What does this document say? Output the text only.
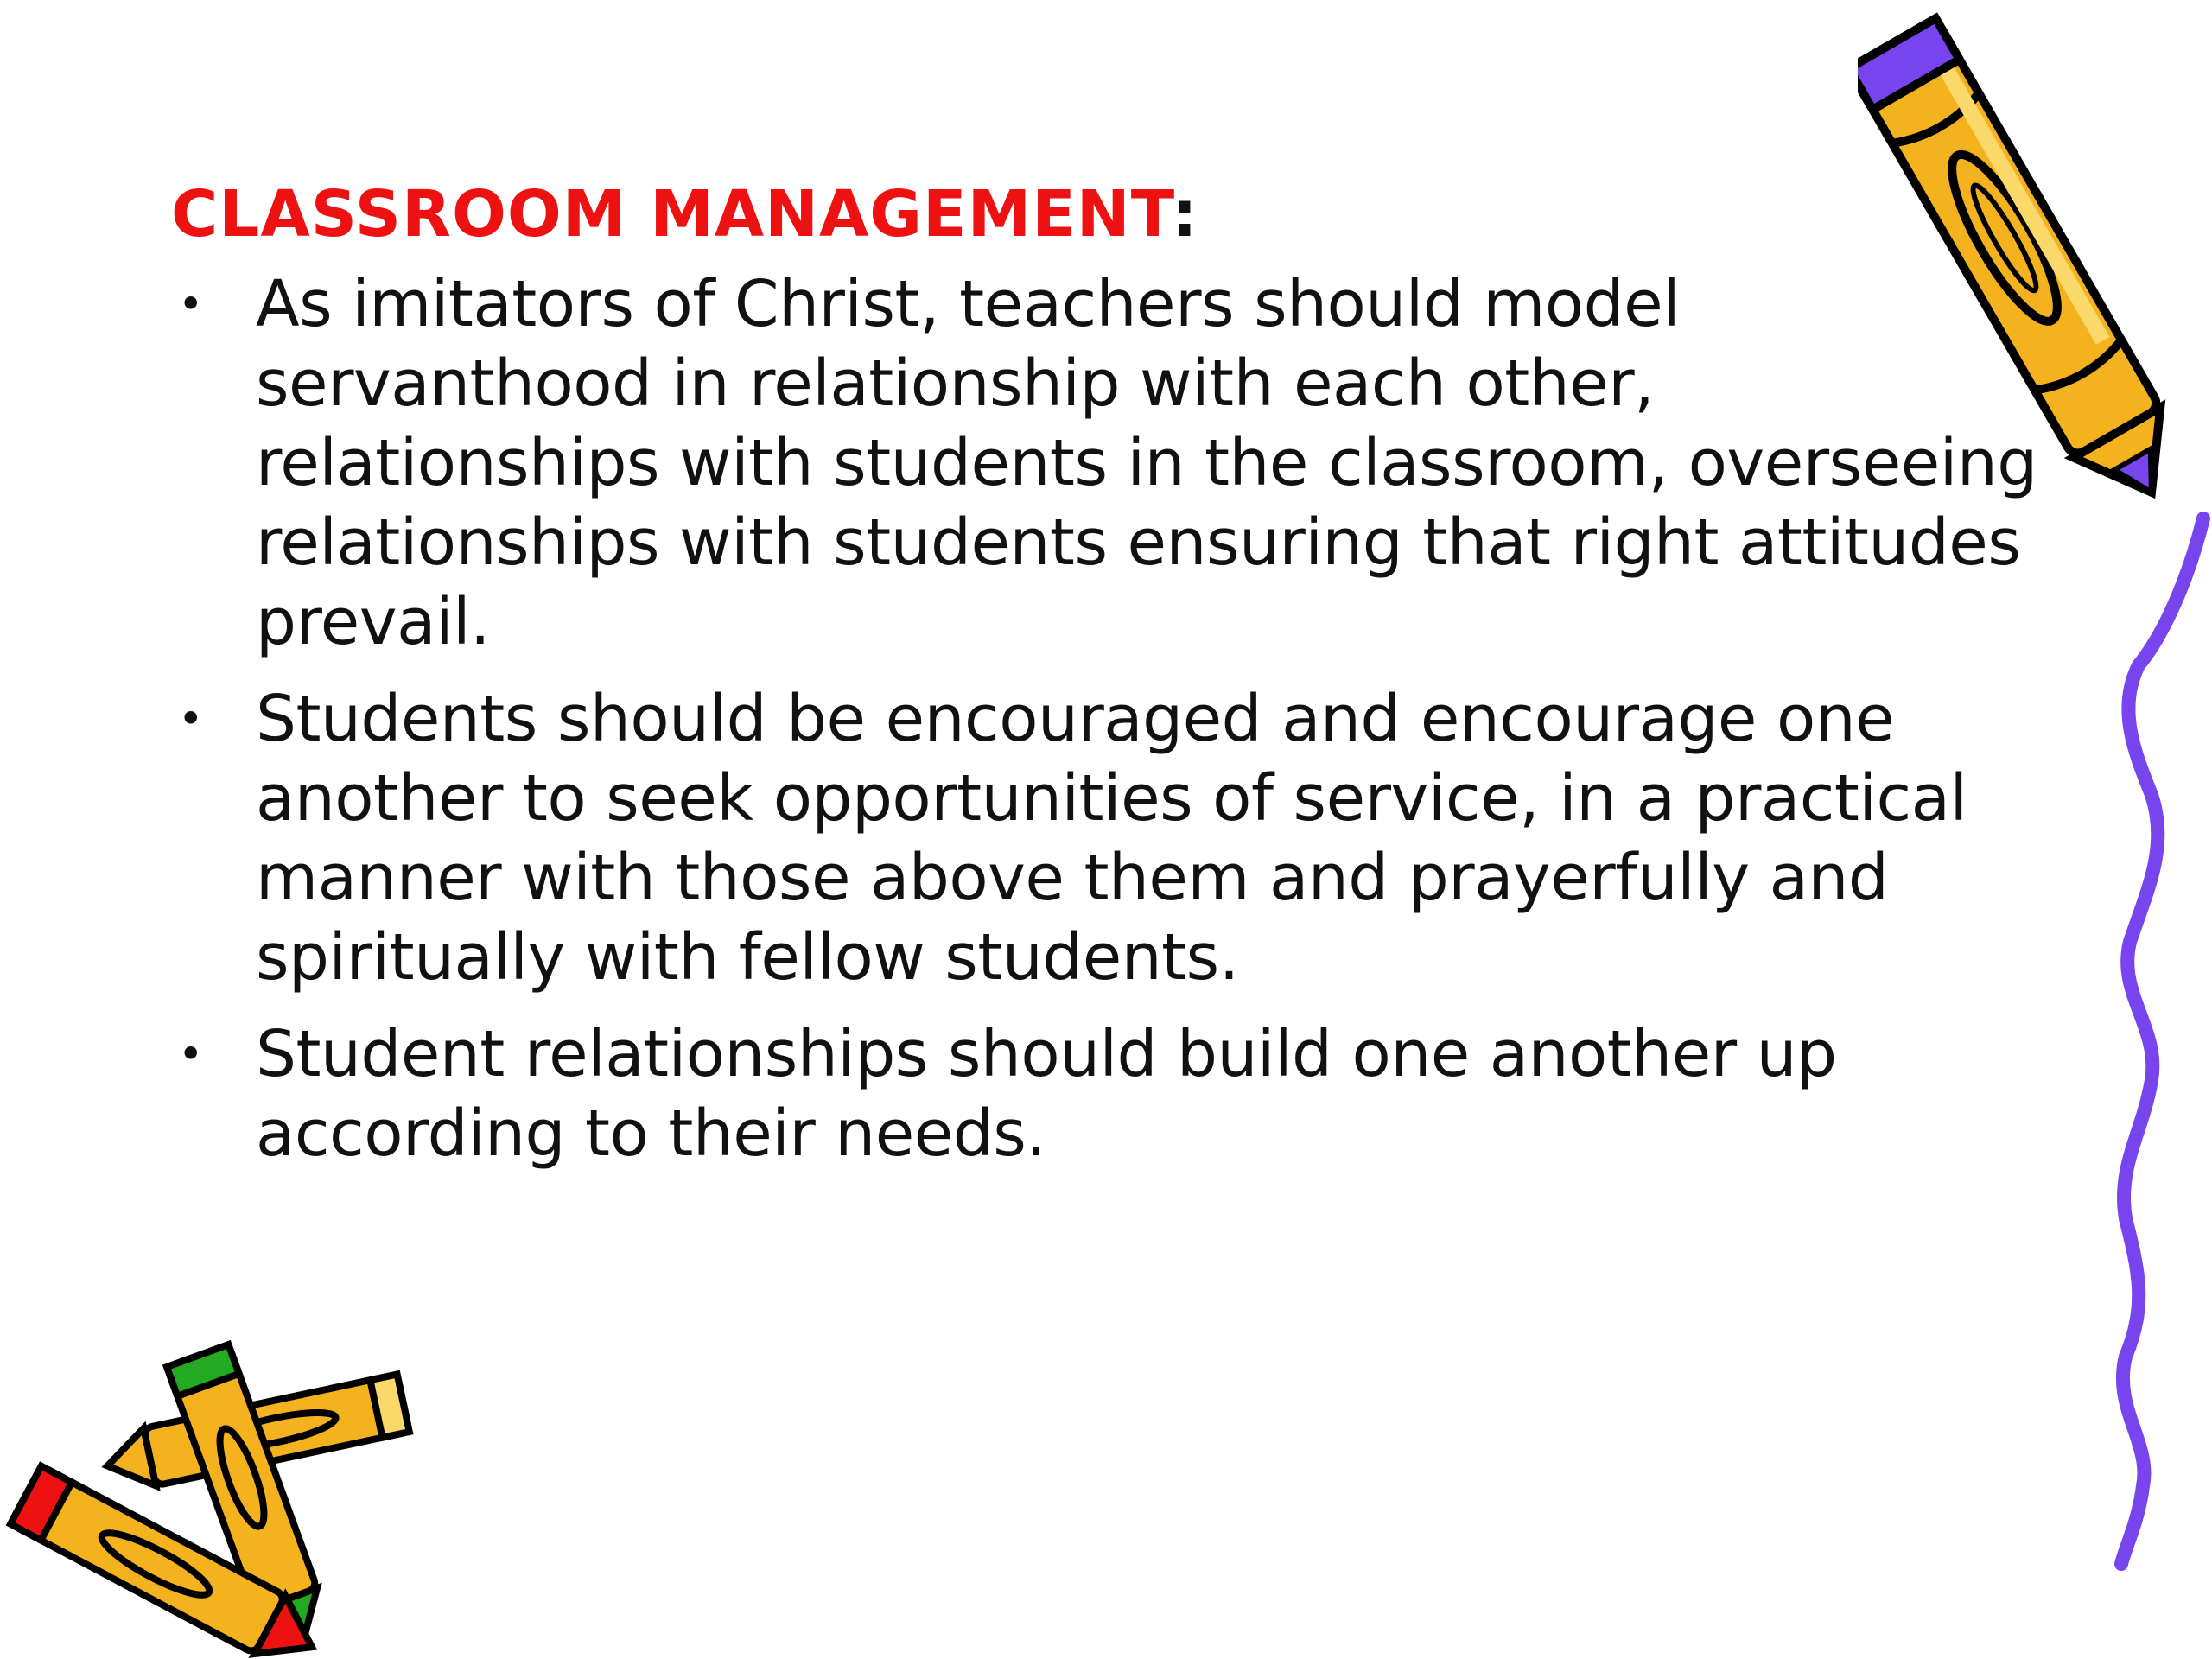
CLASSROOM MANAGEMENT:
• As imitators of Christ, teachers should model servanthood in relationship with each other, relationships with students in the classroom, overseeing relationships with students ensuring that right attitudes prevail.
• Students should be encouraged and encourage one another to seek opportunities of service, in a practical manner with those above them and prayerfully and spiritually with fellow students.
• Student relationships should build one another up according to their needs.
